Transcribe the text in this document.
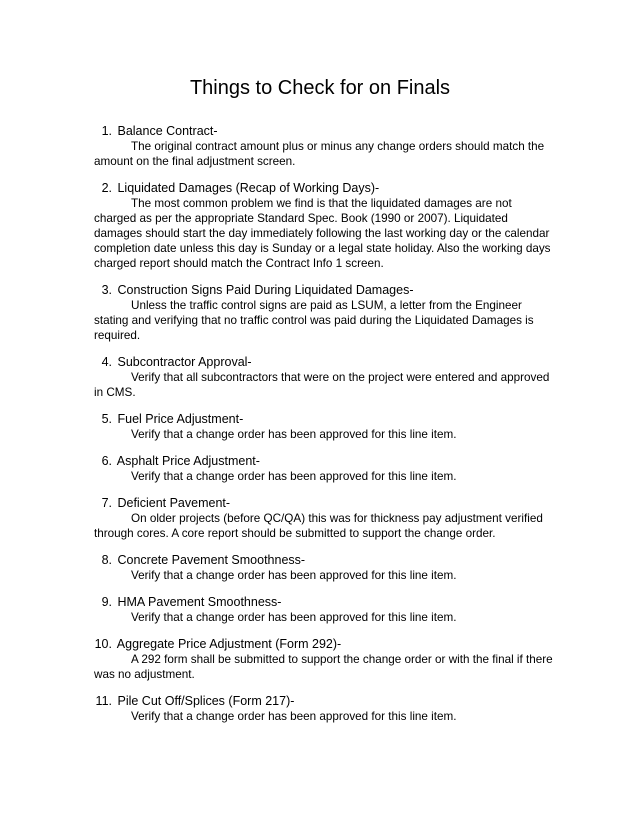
Things to Check for on Finals
1. Balance Contract-

The original contract amount plus or minus any change orders should match the amount on the final adjustment screen.

2. Liquidated Damages (Recap of Working Days)-

The most common problem we find is that the liquidated damages are not charged as per the appropriate Standard Spec. Book (1990 or 2007). Liquidated damages should start the day immediately following the last working day or the calendar completion date unless this day is Sunday or a legal state holiday. Also the working days charged report should match the Contract Info 1 screen.

3. Construction Signs Paid During Liquidated Damages-

Unless the traffic control signs are paid as LSUM, a letter from the Engineer stating and verifying that no traffic control was paid during the Liquidated Damages is required.

4. Subcontractor Approval-

Verify that all subcontractors that were on the project were entered and approved in CMS.

5. Fuel Price Adjustment-

Verify that a change order has been approved for this line item.

6. Asphalt Price Adjustment-

Verify that a change order has been approved for this line item.

7. Deficient Pavement-

On older projects (before QC/QA) this was for thickness pay adjustment verified through cores. A core report should be submitted to support the change order.

8. Concrete Pavement Smoothness-

Verify that a change order has been approved for this line item.

9. HMA Pavement Smoothness-

Verify that a change order has been approved for this line item.

10. Aggregate Price Adjustment (Form 292)-

A 292 form shall be submitted to support the change order or with the final if there was no adjustment.

11. Pile Cut Off/Splices (Form 217)-

Verify that a change order has been approved for this line item.
